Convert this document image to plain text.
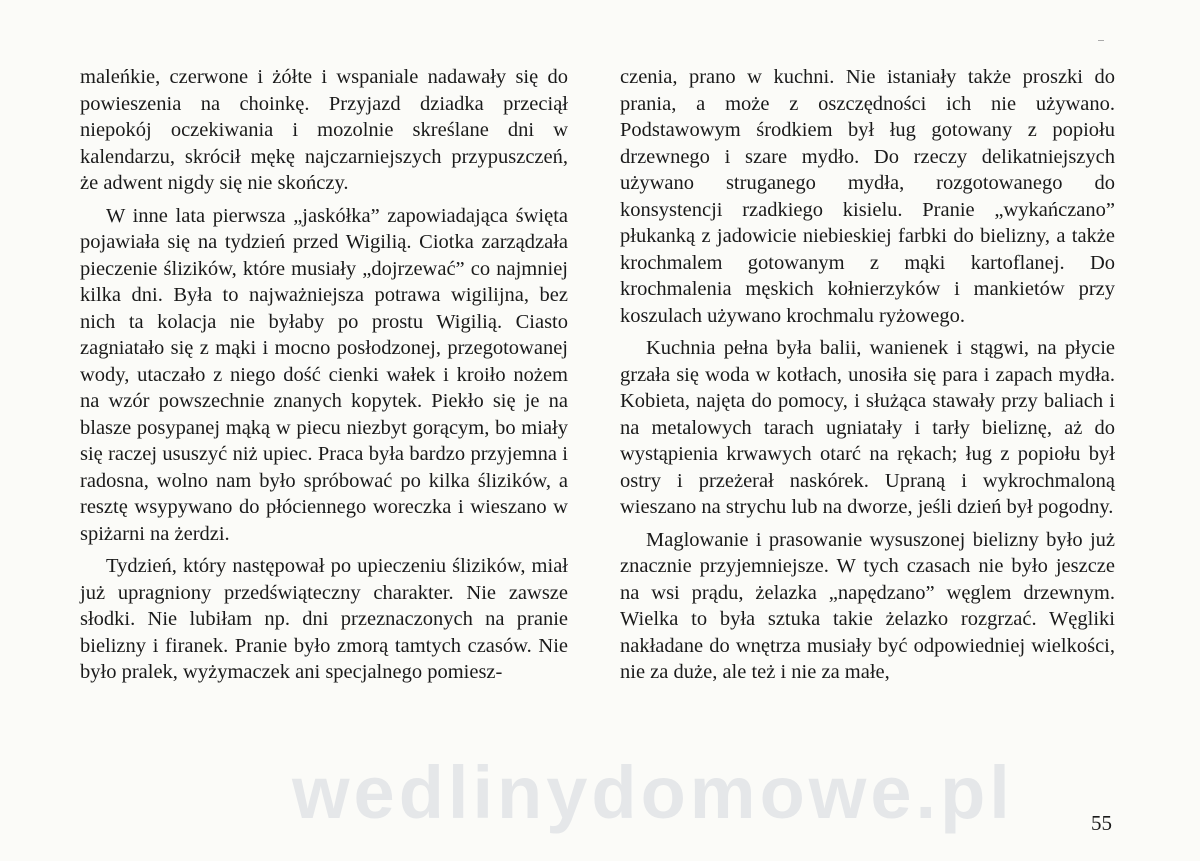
maleńkie, czerwone i żółte i wspaniale nadawały się do powieszenia na choinkę. Przyjazd dziadka przeciął niepokój oczekiwania i mozolnie skreślane dni w kalendarzu, skrócił mękę najczarniejszych przypuszczeń, że adwent nigdy się nie skończy.

W inne lata pierwsza „jaskółka” zapowiadająca święta pojawiała się na tydzień przed Wigilią. Ciotka zarządzała pieczenie ślizików, które musiały „dojrzewać” co najmniej kilka dni. Była to najważniejsza potrawa wigilijna, bez nich ta kolacja nie byłaby po prostu Wigilią. Ciasto zagniatało się z mąki i mocno posłodzonej, przegotowanej wody, utaczało z niego dość cienki wałek i kroiło nożem na wzór powszechnie znanych kopytek. Piekło się je na blasze posypanej mąką w piecu niezbyt gorącym, bo miały się raczej ususzyć niż upiec. Praca była bardzo przyjemna i radosna, wolno nam było spróbować po kilka ślizików, a resztę wsypywano do płóciennego woreczka i wieszano w spiżarni na żerdzi.

Tydzień, który następował po upieczeniu ślizików, miał już upragniony przedświąteczny charakter. Nie zawsze słodki. Nie lubiłam np. dni przeznaczonych na pranie bielizny i firanek. Pranie było zmorą tamtych czasów. Nie było pralek, wyżymaczek ani specjalnego pomiesz-

czenia, prano w kuchni. Nie istaniały także proszki do prania, a może z oszczędności ich nie używano. Podstawowym środkiem był ług gotowany z popiołu drzewnego i szare mydło. Do rzeczy delikatniejszych używano struganego mydła, rozgotowanego do konsystencji rzadkiego kisielu. Pranie „wykańczano” płukanką z jadowicie niebieskiej farbki do bielizny, a także krochmalem gotowanym z mąki kartoflanej. Do krochmalenia męskich kołnierzyków i mankietów przy koszulach używano krochmalu ryżowego.

Kuchnia pełna była balii, wanienek i stągwi, na płycie grzała się woda w kotłach, unosiła się para i zapach mydła. Kobieta, najęta do pomocy, i służąca stawały przy baliach i na metalowych tarach ugniatały i tarły bieliznę, aż do wystąpienia krwawych otarć na rękach; ług z popiołu był ostry i przeżerał naskórek. Upraną i wykrochmaloną wieszano na strychu lub na dworze, jeśli dzień był pogodny.

Maglowanie i prasowanie wysuszonej bielizny było już znacznie przyjemniejsze. W tych czasach nie było jeszcze na wsi prądu, żelazka „napędzano” węglem drzewnym. Wielka to była sztuka takie żelazko rozgrzać. Węgliki nakładane do wnętrza musiały być odpowiedniej wielkości, nie za duże, ale też i nie za małe,

wedlinydomowe.pl	55
